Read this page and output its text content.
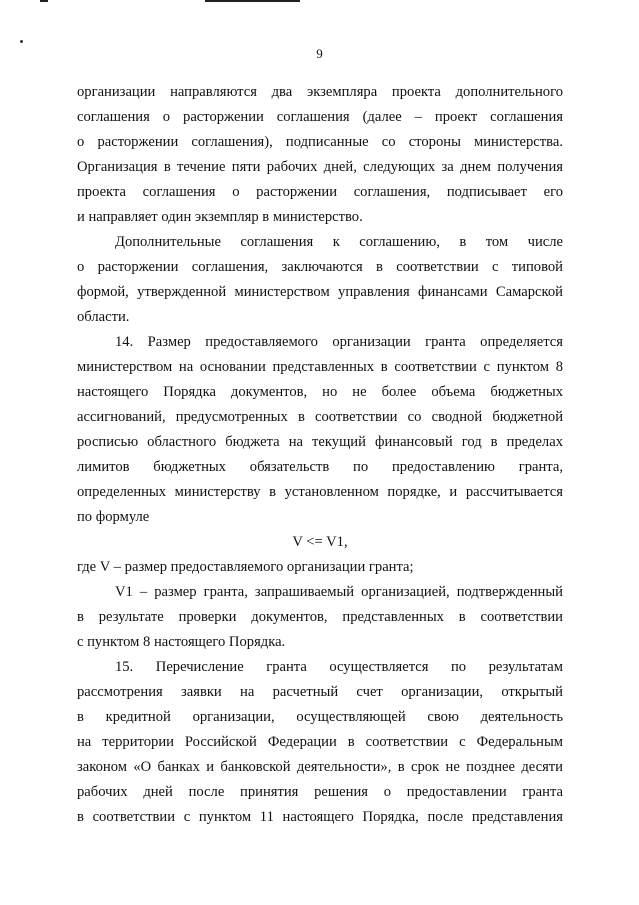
9
организации направляются два экземпляра проекта дополнительного
соглашения о расторжении соглашения (далее – проект соглашения
о расторжении соглашения), подписанные со стороны министерства.
Организация в течение пяти рабочих дней, следующих за днем получения
проекта соглашения о расторжении соглашения, подписывает его
и направляет один экземпляр в министерство.
Дополнительные соглашения к соглашению, в том числе
о расторжении соглашения, заключаются в соответствии с типовой
формой, утвержденной министерством управления финансами Самарской
области.
14. Размер предоставляемого организации гранта определяется
министерством на основании представленных в соответствии с пунктом 8
настоящего Порядка документов, но не более объема бюджетных
ассигнований, предусмотренных в соответствии со сводной бюджетной
росписью областного бюджета на текущий финансовый год в пределах
лимитов бюджетных обязательств по предоставлению гранта,
определенных министерству в установленном порядке, и рассчитывается
по формуле
V <= V1,
где V – размер предоставляемого организации гранта;
V1 – размер гранта, запрашиваемый организацией, подтвержденный
в результате проверки документов, представленных в соответствии
с пунктом 8 настоящего Порядка.
15. Перечисление гранта осуществляется по результатам
рассмотрения заявки на расчетный счет организации, открытый
в кредитной организации, осуществляющей свою деятельность
на территории Российской Федерации в соответствии с Федеральным
законом «О банках и банковской деятельности», в срок не позднее десяти
рабочих дней после принятия решения о предоставлении гранта
в соответствии с пунктом 11 настоящего Порядка, после представления
